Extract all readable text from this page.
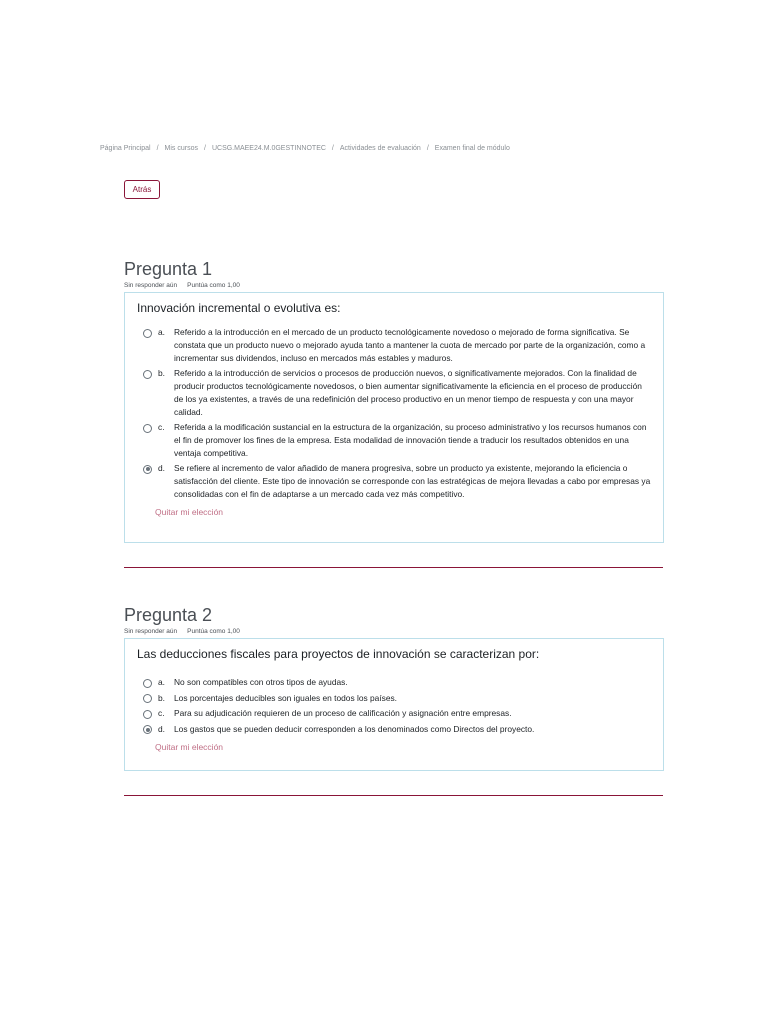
Página Principal / Mis cursos / UCSG.MAEE24.M.0GESTINNOTEC / Actividades de evaluación / Examen final de módulo
Atrás
Pregunta 1
Sin responder aún Puntúa como 1,00

Innovación incremental o evolutiva es:

a.	Referido a la introducción en el mercado de un producto tecnológicamente novedoso o mejorado de forma significativa. Se constata que un producto nuevo o mejorado ayuda tanto a mantener la cuota de mercado por parte de la organización, como a incrementar sus dividendos, incluso en mercados más estables y maduros.
b.	Referido a la introducción de servicios o procesos de producción nuevos, o significativamente mejorados. Con la finalidad de producir productos tecnológicamente novedosos, o bien aumentar significativamente la eficiencia en el proceso de producción de los ya existentes, a través de una redefinición del proceso productivo en un menor tiempo de respuesta y con una mayor calidad.
c.	Referida a la modificación sustancial en la estructura de la organización, su proceso administrativo y los recursos humanos con el fin de promover los fines de la empresa. Esta modalidad de innovación tiende a traducir los resultados obtenidos en una ventaja competitiva.
d.	Se refiere al incremento de valor añadido de manera progresiva, sobre un producto ya existente, mejorando la eficiencia o satisfacción del cliente. Este tipo de innovación se corresponde con las estratégicas de mejora llevadas a cabo por empresas ya consolidadas con el fin de adaptarse a un mercado cada vez más competitivo.
Quitar mi elección
Pregunta 2
Sin responder aún Puntúa como 1,00

Las deducciones fiscales para proyectos de innovación se caracterizan por:

a.	No son compatibles con otros tipos de ayudas.
b.	Los porcentajes deducibles son iguales en todos los países.
c.	Para su adjudicación requieren de un proceso de calificación y asignación entre empresas.
d.	Los gastos que se pueden deducir corresponden a los denominados como Directos del proyecto.
Quitar mi elección
